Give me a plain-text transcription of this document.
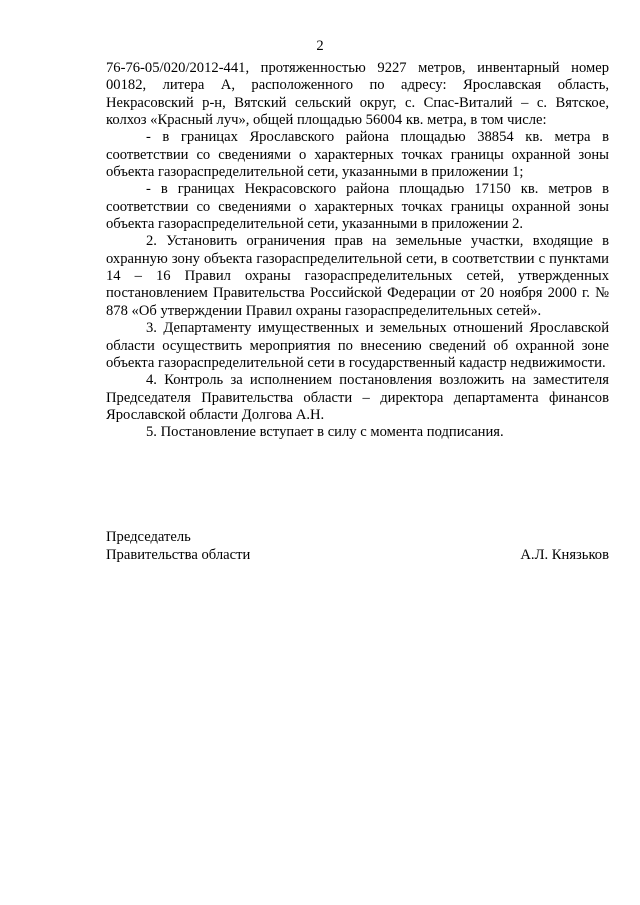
2

76-76-05/020/2012-441, протяженностью 9227 метров, инвентарный номер 00182, литера А, расположенного по адресу: Ярославская область, Некрасовский р-н, Вятский сельский округ, с. Спас-Виталий – с. Вятское, колхоз «Красный луч», общей площадью 56004 кв. метра, в том числе:

- в границах Ярославского района площадью 38854 кв. метра в соответствии со сведениями о характерных точках границы охранной зоны объекта газораспределительной сети, указанными в приложении 1;

- в границах Некрасовского района площадью 17150 кв. метров в соответствии со сведениями о характерных точках границы охранной зоны объекта газораспределительной сети, указанными в приложении 2.

2. Установить ограничения прав на земельные участки, входящие в охранную зону объекта газораспределительной сети, в соответствии с пунктами 14 – 16 Правил охраны газораспределительных сетей, утвержденных постановлением Правительства Российской Федерации от 20 ноября 2000 г. № 878 «Об утверждении Правил охраны газораспределительных сетей».

3. Департаменту имущественных и земельных отношений Ярославской области осуществить мероприятия по внесению сведений об охранной зоне объекта газораспределительной сети в государственный кадастр недвижимости.

4. Контроль за исполнением постановления возложить на заместителя Председателя Правительства области – директора департамента финансов Ярославской области Долгова А.Н.

5. Постановление вступает в силу с момента подписания.

Председатель
Правительства области	А.Л. Князьков
